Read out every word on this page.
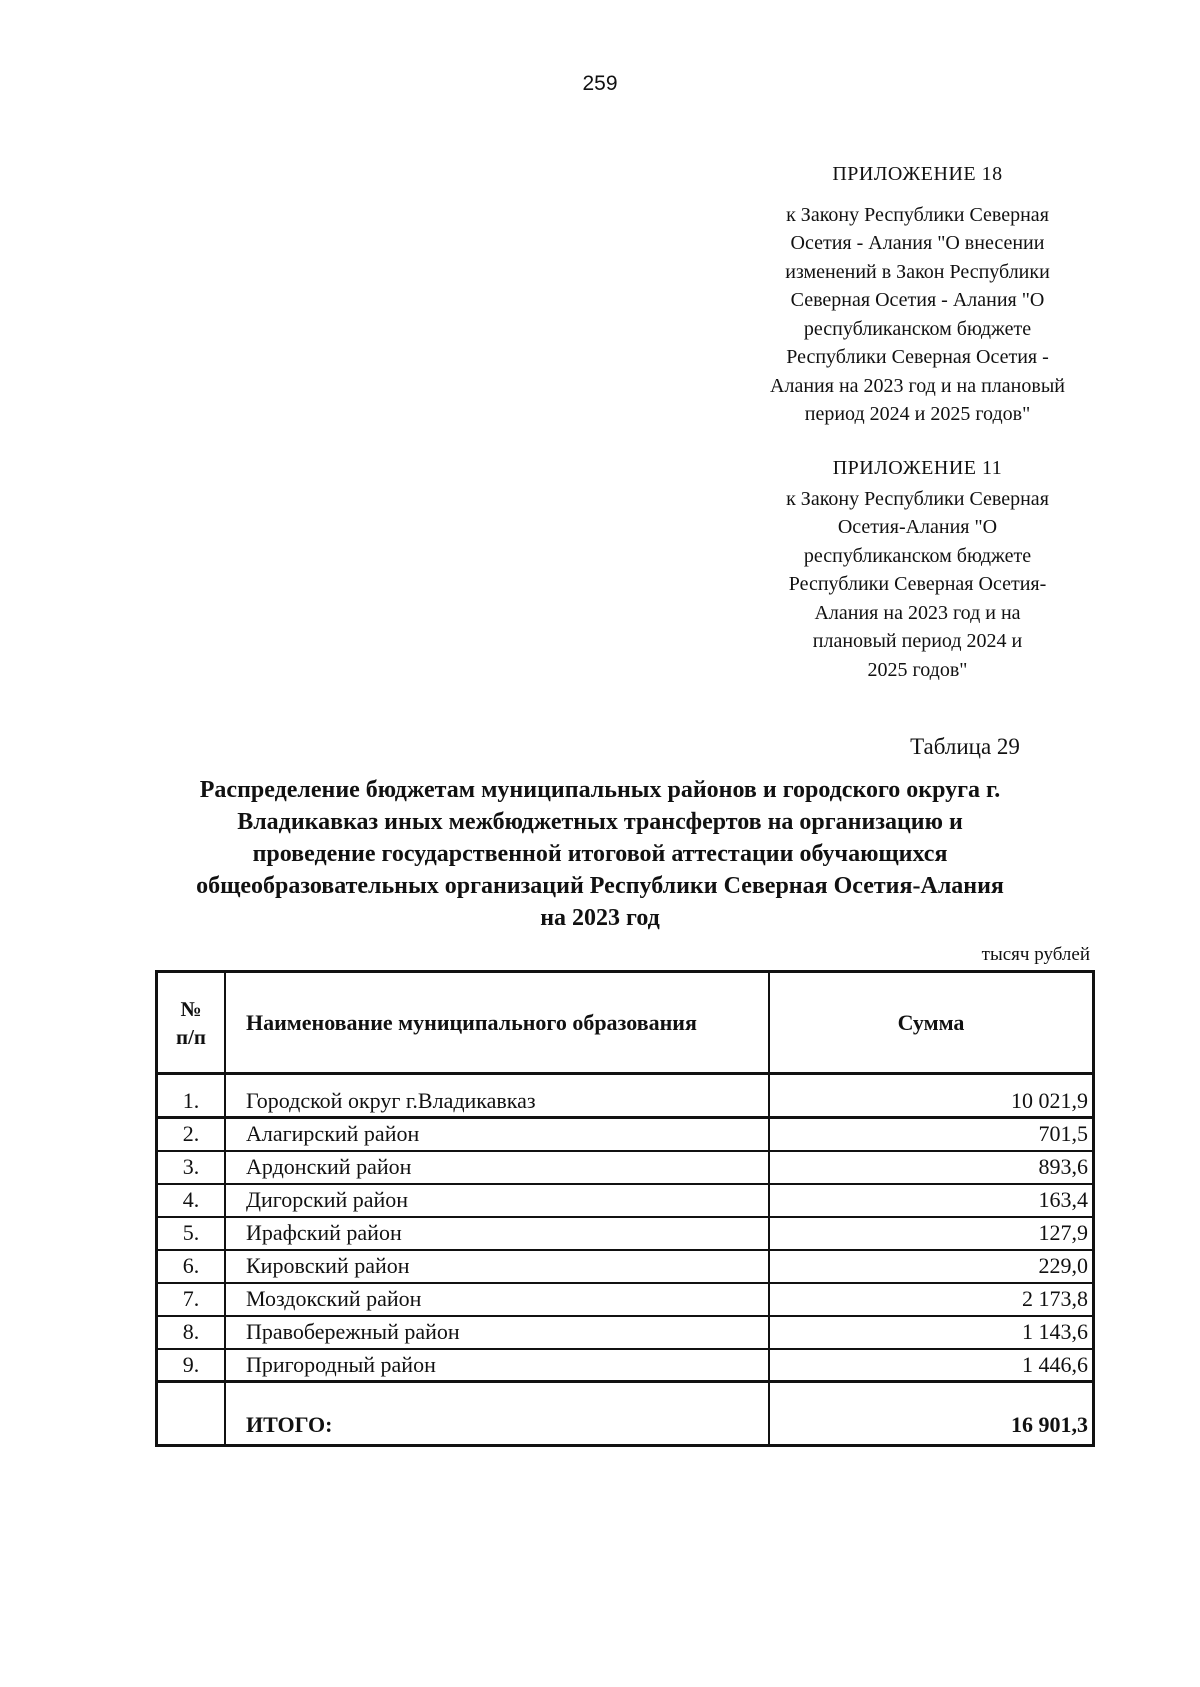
259
ПРИЛОЖЕНИЕ 18
к Закону Республики Северная
Осетия - Алания "О внесении
изменений в Закон Республики
Северная Осетия - Алания "О
республиканском бюджете
Республики Северная Осетия -
Алания на 2023 год и на плановый
период 2024 и 2025 годов"
ПРИЛОЖЕНИЕ 11
к Закону Республики Северная
Осетия-Алания "О
республиканском бюджете
Республики Северная Осетия-
Алания на 2023 год и на
плановый период 2024 и
2025 годов"
Таблица 29
Распределение бюджетам муниципальных районов и городского округа г.
Владикавказ иных межбюджетных трансфертов на организацию и
проведение государственной итоговой аттестации обучающихся
общеобразовательных организаций Республики Северная Осетия-Алания
на 2023 год
тысяч рублей
№
п/п	Наименование муниципального образования	Сумма
1.	Городской округ г.Владикавказ	10 021,9
2.	Алагирский район	701,5
3.	Ардонский район	893,6
4.	Дигорский район	163,4
5.	Ирафский район	127,9
6.	Кировский район	229,0
7.	Моздокский район	2 173,8
8.	Правобережный район	1 143,6
9.	Пригородный район	1 446,6
	ИТОГО:	16 901,3
